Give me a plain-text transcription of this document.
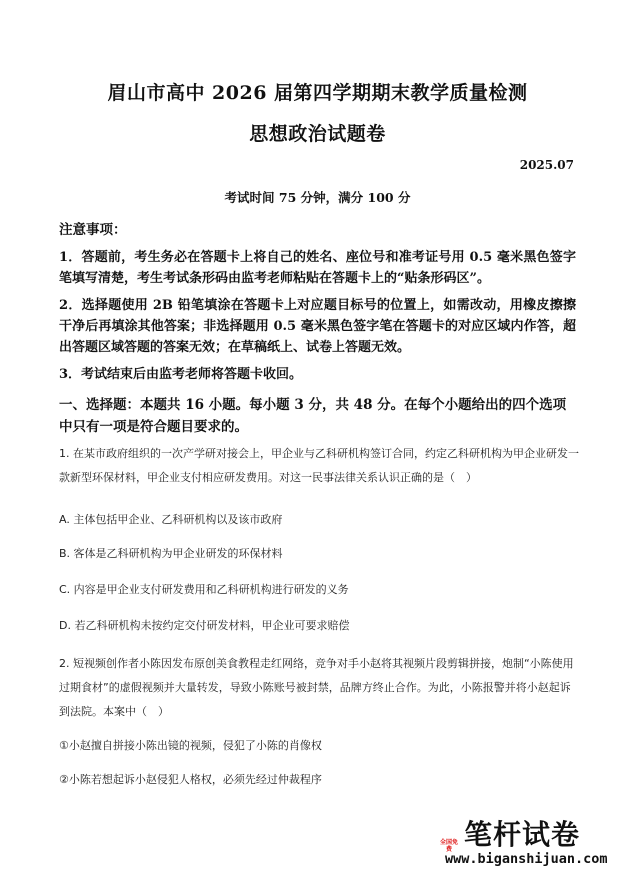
眉山市高中 2026 届第四学期期末教学质量检测
思想政治试题卷
2025.07
考试时间 75 分钟，满分 100 分
注意事项：
1．答题前，考生务必在答题卡上将自己的姓名、座位号和准考证号用 0.5 毫米黑色签字笔填写清楚，考生考试条形码由监考老师粘贴在答题卡上的“贴条形码区”。
2．选择题使用 2B 铅笔填涂在答题卡上对应题目标号的位置上，如需改动，用橡皮擦擦干净后再填涂其他答案；非选择题用 0.5 毫米黑色签字笔在答题卡的对应区域内作答，超出答题区域答题的答案无效；在草稿纸上、试卷上答题无效。
3．考试结束后由监考老师将答题卡收回。
一、选择题：本题共 16 小题。每小题 3 分，共 48 分。在每个小题给出的四个选项中只有一项是符合题目要求的。
1. 在某市政府组织的一次产学研对接会上，甲企业与乙科研机构签订合同，约定乙科研机构为甲企业研发一款新型环保材料，甲企业支付相应研发费用。对这一民事法律关系认识正确的是（　）
A. 主体包括甲企业、乙科研机构以及该市政府
B. 客体是乙科研机构为甲企业研发的环保材料
C. 内容是甲企业支付研发费用和乙科研机构进行研发的义务
D. 若乙科研机构未按约定交付研发材料，甲企业可要求赔偿
2. 短视频创作者小陈因发布原创美食教程走红网络，竞争对手小赵将其视频片段剪辑拼接，炮制“小陈使用过期食材”的虚假视频并大量转发，导致小陈账号被封禁，品牌方终止合作。为此，小陈报警并将小赵起诉到法院。本案中（　）
①小赵擅自拼接小陈出镜的视频，侵犯了小陈的肖像权
②小陈若想起诉小赵侵犯人格权，必须先经过仲裁程序
笔杆试卷
全国免费
www.biganshijuan.com
